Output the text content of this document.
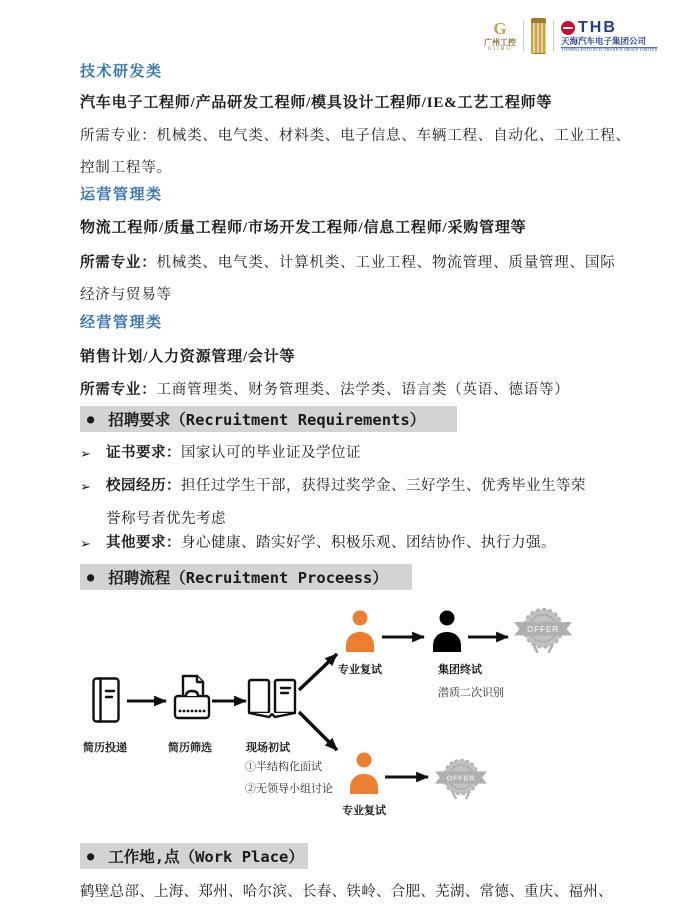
G
广州工控
GIIHG
THB
天海汽车电子集团公司
TIANHAI AUTO ELECTRONICS GROUP LIMITED
技术研发类
汽车电子工程师/产品研发工程师/模具设计工程师/IE&工艺工程师等
所需专业：机械类、电气类、材料类、电子信息、车辆工程、自动化、工业工程、控制工程等。
运营管理类
物流工程师/质量工程师/市场开发工程师/信息工程师/采购管理等
所需专业：机械类、电气类、计算机类、工业工程、物流管理、质量管理、国际经济与贸易等
经营管理类
销售计划/人力资源管理/会计等
所需专业：工商管理类、财务管理类、法学类、语言类（英语、德语等）
● 招聘要求（Recruitment Requirements）
➢	证书要求：国家认可的毕业证及学位证
➢	校园经历：担任过学生干部，获得过奖学金、三好学生、优秀毕业生等荣誉称号者优先考虑
➢	其他要求：身心健康、踏实好学、积极乐观、团结协作、执行力强。
● 招聘流程（Recruitment Proceess）
OFFER
OFFER
简历投递	简历筛选	现场初试
①半结构化面试
②无领导小组讨论
专业复试	集团终试
潜质二次识别
专业复试
● 工作地,点（Work Place）
鹤壁总部、上海、郑州、哈尔滨、长春、铁岭、合肥、芜湖、常德、重庆、福州、
